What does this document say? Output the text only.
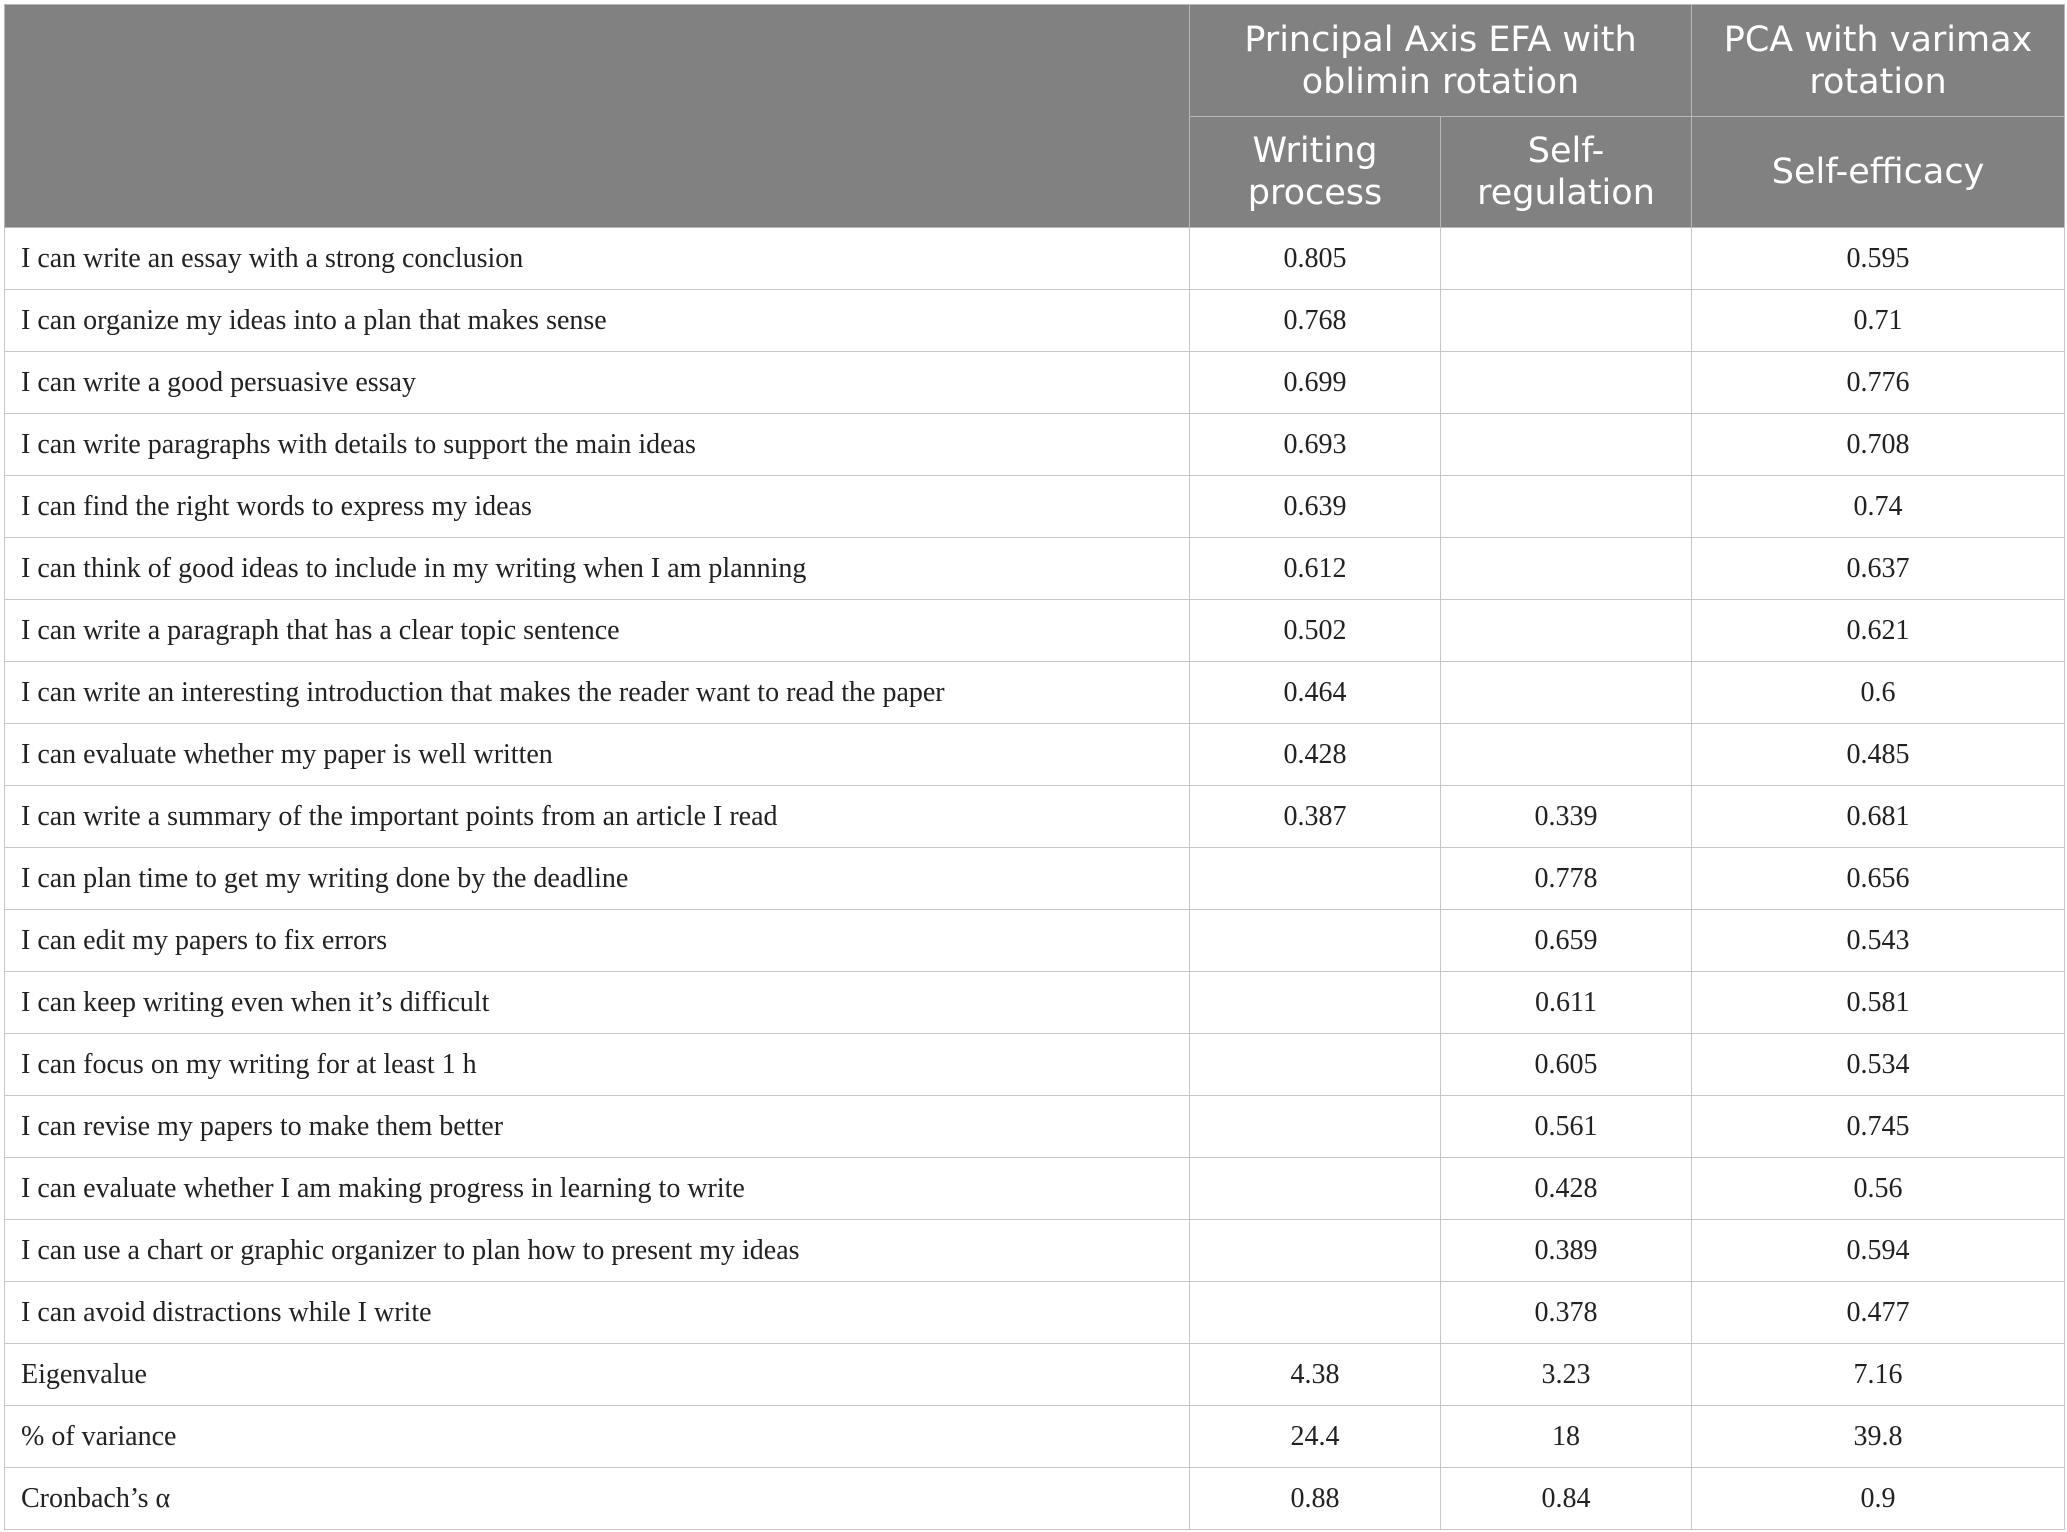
	Principal Axis EFA with oblimin rotation		PCA with varimax rotation
	Writing process	Self-regulation	Self-efficacy
I can write an essay with a strong conclusion	0.805		0.595
I can organize my ideas into a plan that makes sense	0.768		0.71
I can write a good persuasive essay	0.699		0.776
I can write paragraphs with details to support the main ideas	0.693		0.708
I can find the right words to express my ideas	0.639		0.74
I can think of good ideas to include in my writing when I am planning	0.612		0.637
I can write a paragraph that has a clear topic sentence	0.502		0.621
I can write an interesting introduction that makes the reader want to read the paper	0.464		0.6
I can evaluate whether my paper is well written	0.428		0.485
I can write a summary of the important points from an article I read	0.387	0.339	0.681
I can plan time to get my writing done by the deadline		0.778	0.656
I can edit my papers to fix errors		0.659	0.543
I can keep writing even when it’s difficult		0.611	0.581
I can focus on my writing for at least 1 h		0.605	0.534
I can revise my papers to make them better		0.561	0.745
I can evaluate whether I am making progress in learning to write		0.428	0.56
I can use a chart or graphic organizer to plan how to present my ideas		0.389	0.594
I can avoid distractions while I write		0.378	0.477
Eigenvalue	4.38	3.23	7.16
% of variance	24.4	18	39.8
Cronbach’s α	0.88	0.84	0.9
